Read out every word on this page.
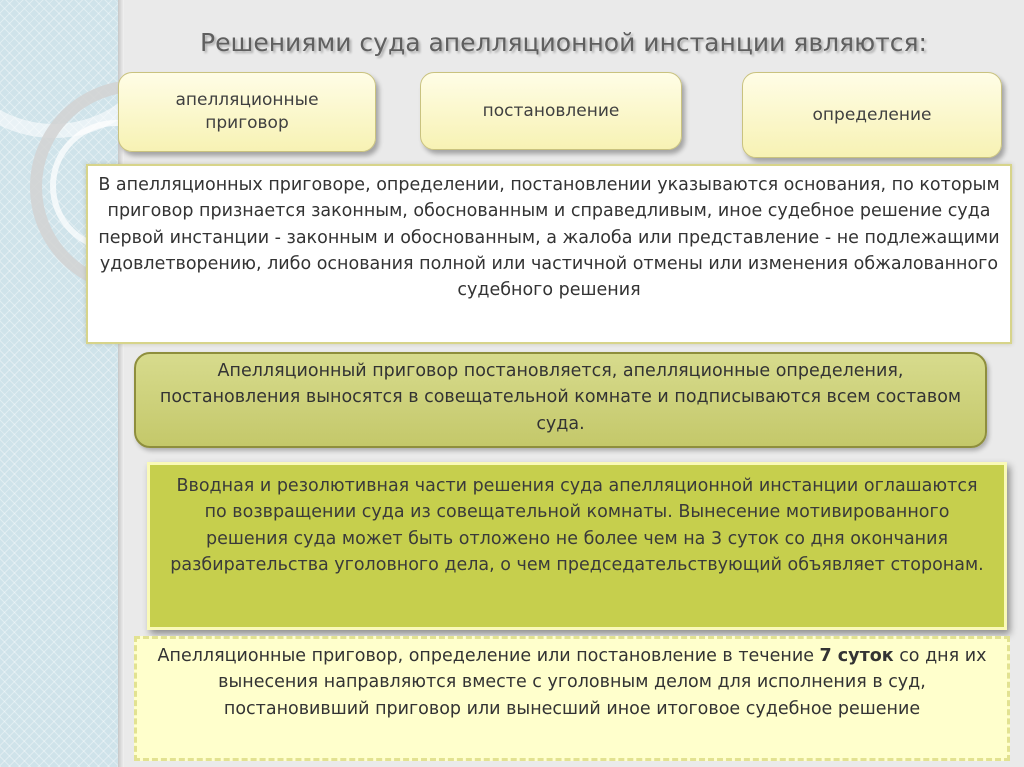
Решениями суда апелляционной инстанции являются:
апелляционные приговор
постановление	определение
В апелляционных приговоре, определении, постановлении указываются основания, по которым приговор признается законным, обоснованным и справедливым, иное судебное решение суда первой инстанции - законным и обоснованным, а жалоба или представление - не подлежащими удовлетворению, либо основания полной или частичной отмены или изменения обжалованного судебного решения
Апелляционный приговор постановляется, апелляционные определения, постановления выносятся в совещательной комнате и подписываются всем составом суда.
Вводная и резолютивная части решения суда апелляционной инстанции оглашаются по возвращении суда из совещательной комнаты. Вынесение мотивированного решения суда может быть отложено не более чем на 3 суток со дня окончания разбирательства уголовного дела, о чем председательствующий объявляет сторонам.
Апелляционные приговор, определение или постановление в течение 7 суток со дня их вынесения направляются вместе с уголовным делом для исполнения в суд, постановивший приговор или вынесший иное итоговое судебное решение
